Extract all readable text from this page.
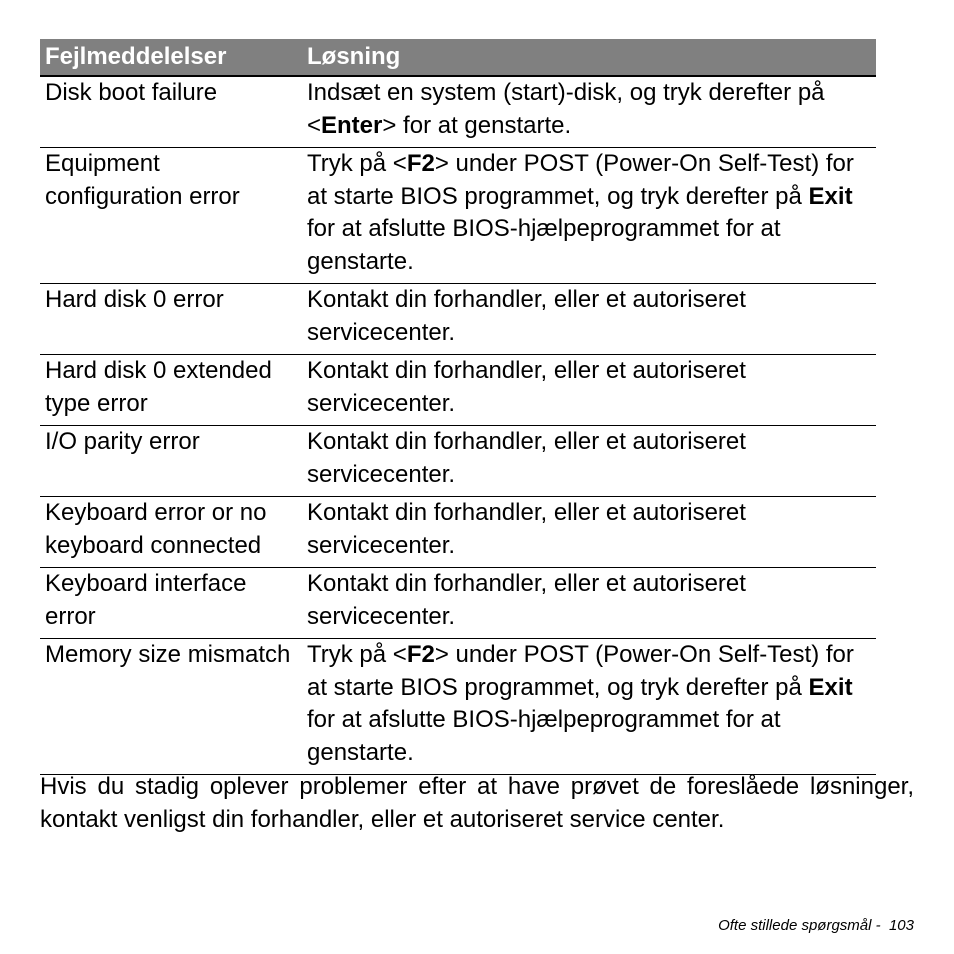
Fejlmeddelelser	Løsning
Disk boot failure	Indsæt en system (start)-disk, og tryk derefter på <Enter> for at genstarte.
Equipment configuration error	Tryk på <F2> under POST (Power-On Self-Test) for at starte BIOS programmet, og tryk derefter på Exit for at afslutte BIOS-hjælpeprogrammet for at genstarte.
Hard disk 0 error	Kontakt din forhandler, eller et autoriseret servicecenter.
Hard disk 0 extended type error	Kontakt din forhandler, eller et autoriseret servicecenter.
I/O parity error	Kontakt din forhandler, eller et autoriseret servicecenter.
Keyboard error or no keyboard connected	Kontakt din forhandler, eller et autoriseret servicecenter.
Keyboard interface error	Kontakt din forhandler, eller et autoriseret servicecenter.
Memory size mismatch	Tryk på <F2> under POST (Power-On Self-Test) for at starte BIOS programmet, og tryk derefter på Exit for at afslutte BIOS-hjælpeprogrammet for at genstarte.

Hvis du stadig oplever problemer efter at have prøvet de foreslåede løsninger, kontakt venligst din forhandler, eller et autoriseret service center.

Ofte stillede spørgsmål - 103
